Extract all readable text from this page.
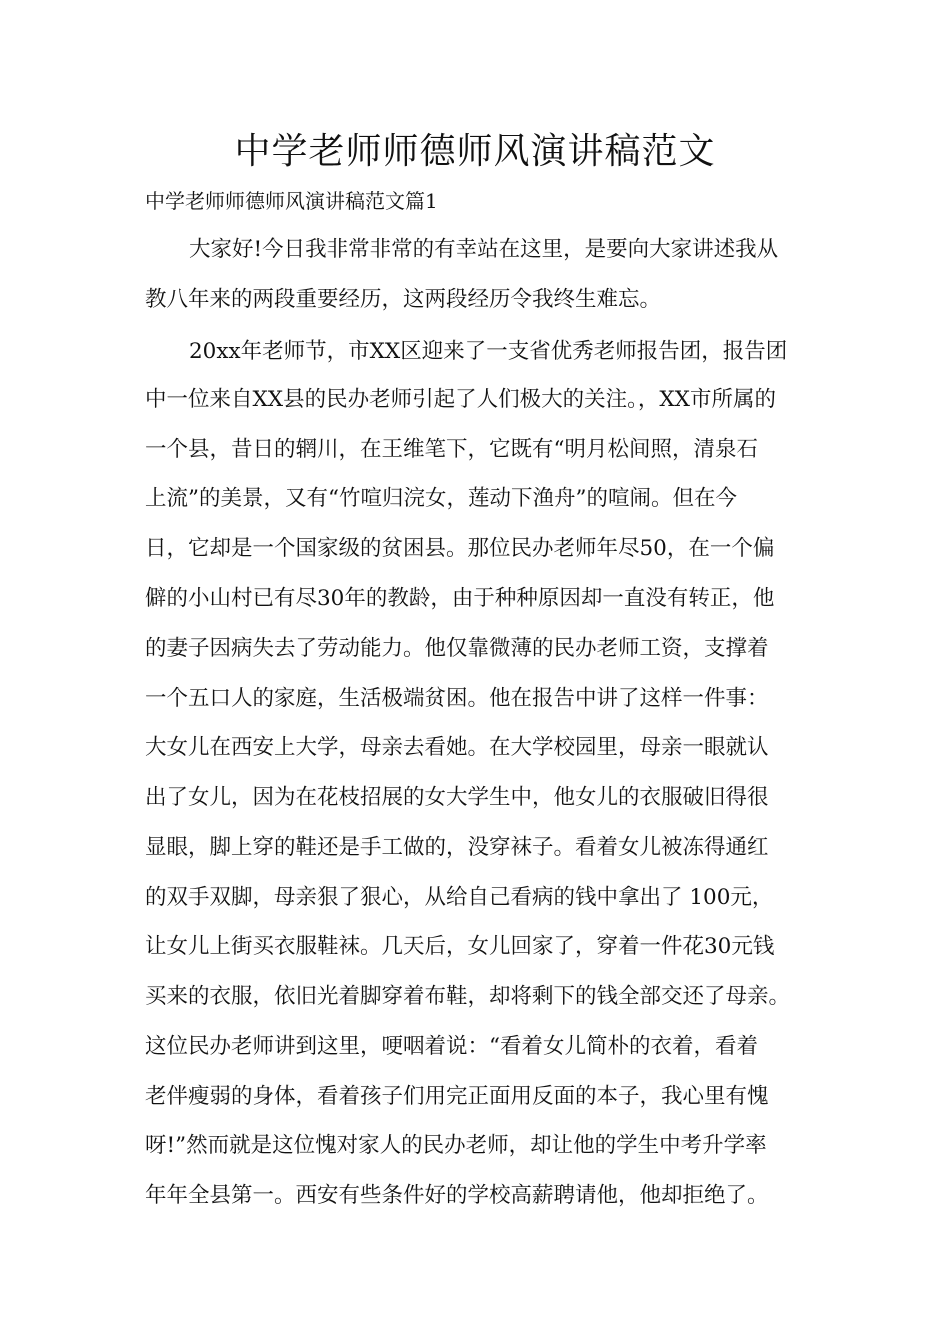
中学老师师德师风演讲稿范文
中学老师师德师风演讲稿范文篇1
大家好!今日我非常非常的有幸站在这里，是要向大家讲述我从
教八年来的两段重要经历，这两段经历令我终生难忘。
20xx年老师节，市XX区迎来了一支省优秀老师报告团，报告团
中一位来自XX县的民办老师引起了人们极大的关注。，XX市所属的
一个县，昔日的辋川，在王维笔下，它既有“明月松间照，清泉石
上流”的美景，又有“竹喧归浣女，莲动下渔舟”的喧闹。但在今
日，它却是一个国家级的贫困县。那位民办老师年尽50，在一个偏
僻的小山村已有尽30年的教龄，由于种种原因却一直没有转正，他
的妻子因病失去了劳动能力。他仅靠微薄的民办老师工资，支撑着
一个五口人的家庭，生活极端贫困。他在报告中讲了这样一件事：
大女儿在西安上大学，母亲去看她。在大学校园里，母亲一眼就认
出了女儿，因为在花枝招展的女大学生中，他女儿的衣服破旧得很
显眼，脚上穿的鞋还是手工做的，没穿袜子。看着女儿被冻得通红
的双手双脚，母亲狠了狠心，从给自己看病的钱中拿出了 100元，
让女儿上街买衣服鞋袜。几天后，女儿回家了，穿着一件花30元钱
买来的衣服，依旧光着脚穿着布鞋，却将剩下的钱全部交还了母亲。
这位民办老师讲到这里，哽咽着说：“看着女儿简朴的衣着，看着
老伴瘦弱的身体，看着孩子们用完正面用反面的本子，我心里有愧
呀!”然而就是这位愧对家人的民办老师，却让他的学生中考升学率
年年全县第一。西安有些条件好的学校高薪聘请他，他却拒绝了。
